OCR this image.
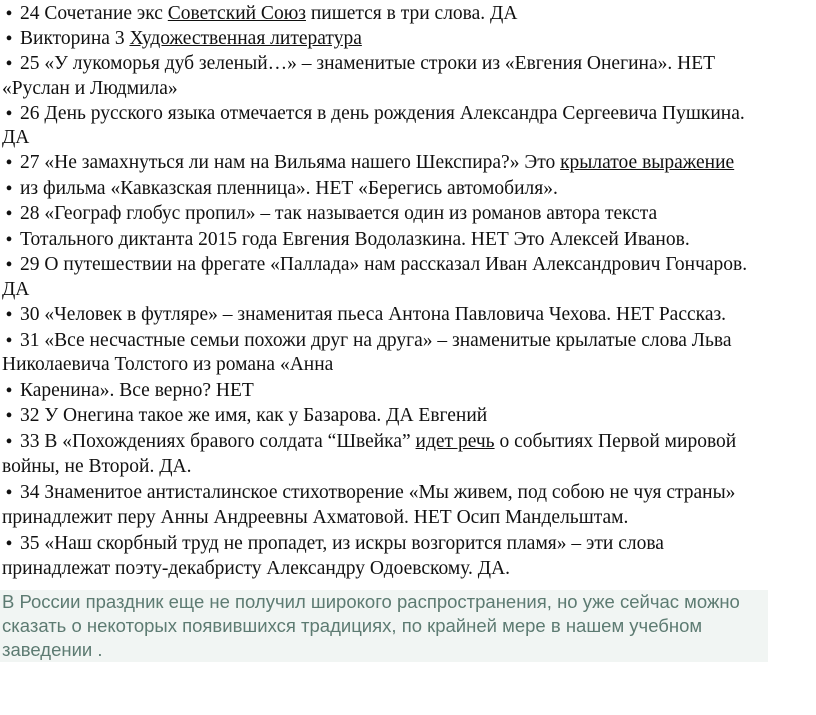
•
24 Сочетание экс Советский Союз пишется в три слова. ДА
•
Викторина 3 Художественная литература
•
25 «У лукоморья дуб зеленый…» – знаменитые строки из «Евгения Онегина». НЕТ
«Руслан и Людмила»
•
26 День русского языка отмечается в день рождения Александра Сергеевича Пушкина.
ДА
•
27 «Не замахнуться ли нам на Вильяма нашего Шекспира?» Это крылатое выражение
•
из фильма «Кавказская пленница». НЕТ «Берегись автомобиля».
•
28 «Географ глобус пропил» – так называется один из романов автора текста
•
Тотального диктанта 2015 года Евгения Водолазкина. НЕТ Это Алексей Иванов.
•
29 О путешествии на фрегате «Паллада» нам рассказал Иван Александрович Гончаров.
ДА
•
30 «Человек в футляре» – знаменитая пьеса Антона Павловича Чехова. НЕТ Рассказ.
•
31 «Все несчастные семьи похожи друг на друга» – знаменитые крылатые слова Льва
Николаевича Толстого из романа «Анна
•
Каренина». Все верно? НЕТ
•
32 У Онегина такое же имя, как у Базарова. ДА Евгений
•
33 В «Похождениях бравого солдата “Швейка” идет речь о событиях Первой мировой
войны, не Второй. ДА.
•
34 Знаменитое антисталинское стихотворение «Мы живем, под собою не чуя страны»
принадлежит перу Анны Андреевны Ахматовой. НЕТ Осип Мандельштам.
•
35 «Наш скорбный труд не пропадет, из искры возгорится пламя» – эти слова
принадлежат поэту-декабристу Александру Одоевскому. ДА.
В России праздник еще не получил широкого распространения, но уже сейчас можно
сказать о некоторых появившихся традициях, по крайней мере в нашем учебном
заведении .
